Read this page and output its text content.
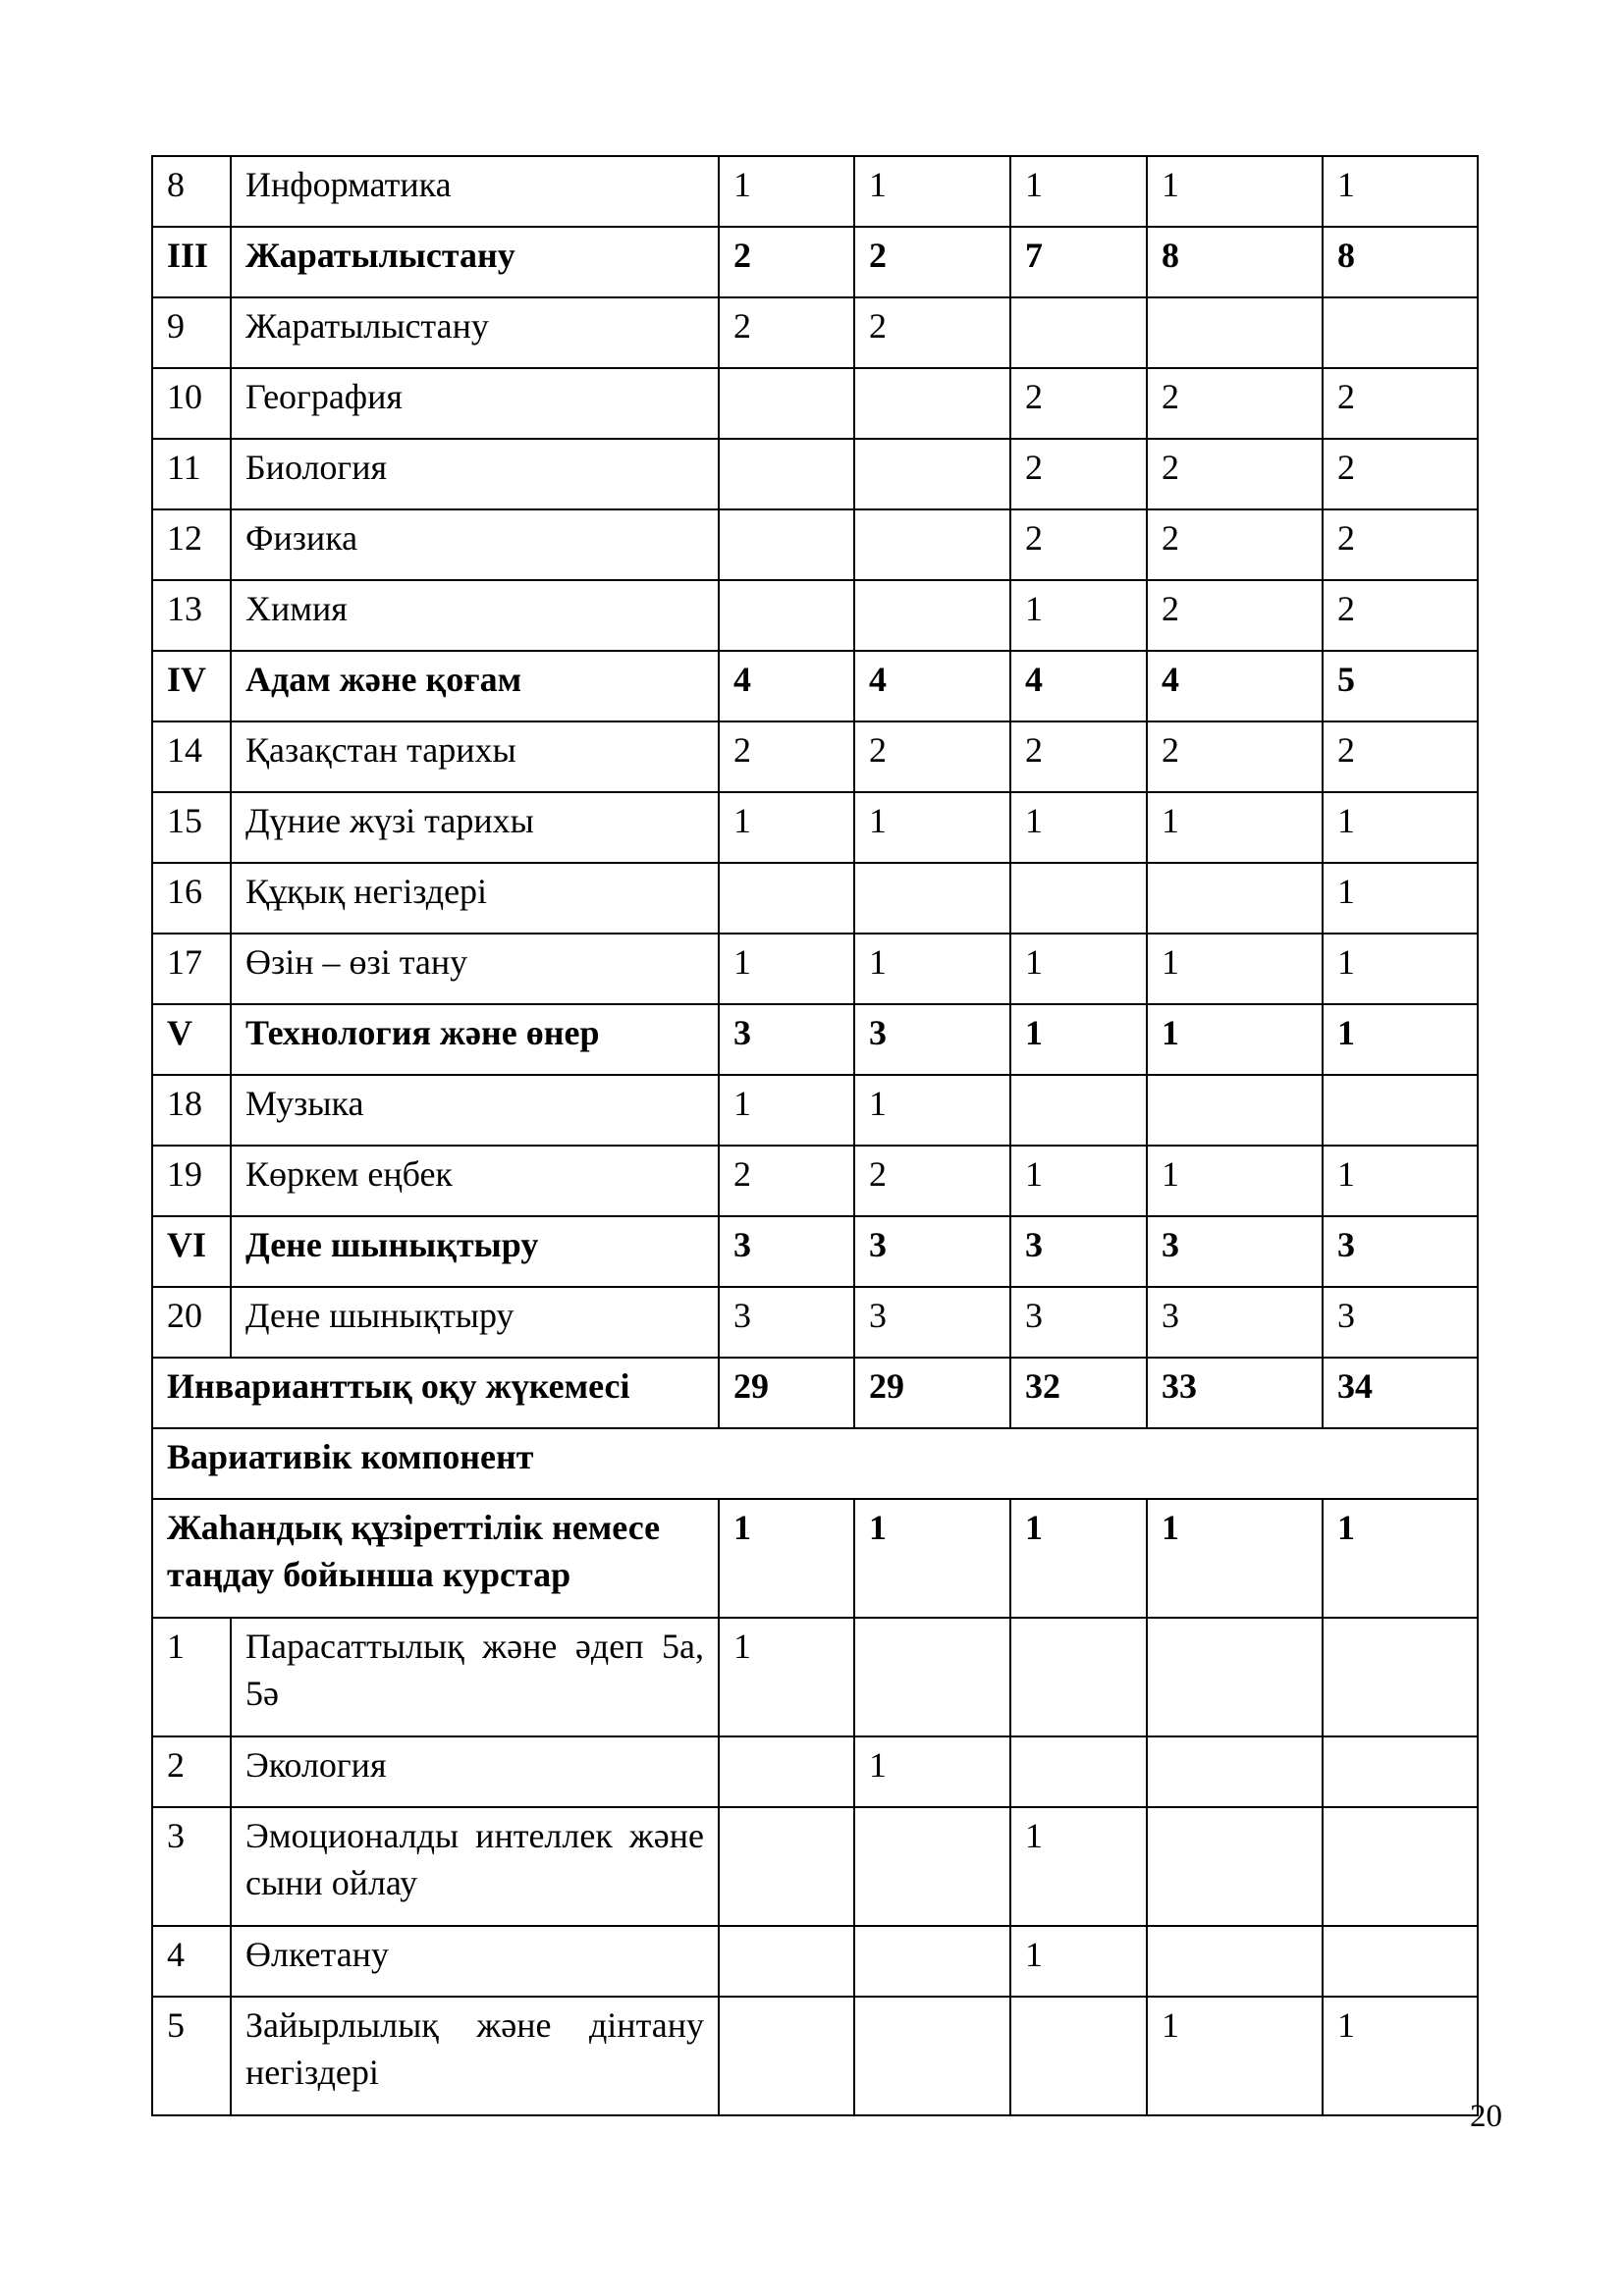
8	Информатика	1	1	1	1	1
III	Жаратылыстану	2	2	7	8	8
9	Жаратылыстану	2	2			
10	География			2	2	2
11	Биология			2	2	2
12	Физика			2	2	2
13	Химия			1	2	2
IV	Адам және қоғам	4	4	4	4	5
14	Қазақстан тарихы	2	2	2	2	2
15	Дүние жүзі тарихы	1	1	1	1	1
16	Құқық негіздері					1
17	Өзін – өзі тану	1	1	1	1	1
V	Технология және өнер	3	3	1	1	1
18	Музыка	1	1			
19	Көркем еңбек	2	2	1	1	1
VI	Дене шынықтыру	3	3	3	3	3
20	Дене шынықтыру	3	3	3	3	3
Инварианттық оқу жүкемесі		29	29	32	33	34
Вариативік компонент						
Жаһандық құзіреттілік немесе таңдау бойынша курстар		1	1	1	1	1
1	Парасаттылық және әдеп 5а, 5ә	1				
2	Экология		1			
3	Эмоционалды интеллек және сыни ойлау			1		
4	Өлкетану			1		
5	Зайырлылық және дінтану негіздері				1	1
20
